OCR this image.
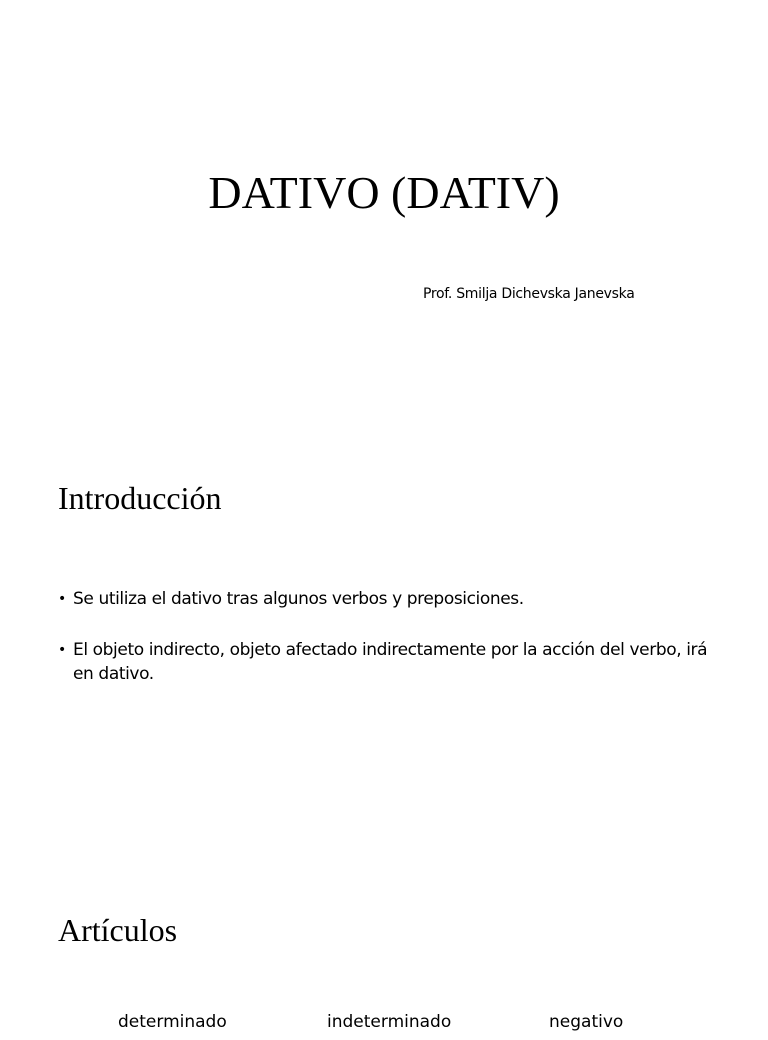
DATIVO (DATIV)

Prof. Smilja Dichevska Janevska

Introducción
• Se utiliza el dativo tras algunos verbos y preposiciones.
• El objeto indirecto, objeto afectado indirectamente por la acción del verbo, irá en dativo.
Artículos
determinado	indeterminado	negativo
